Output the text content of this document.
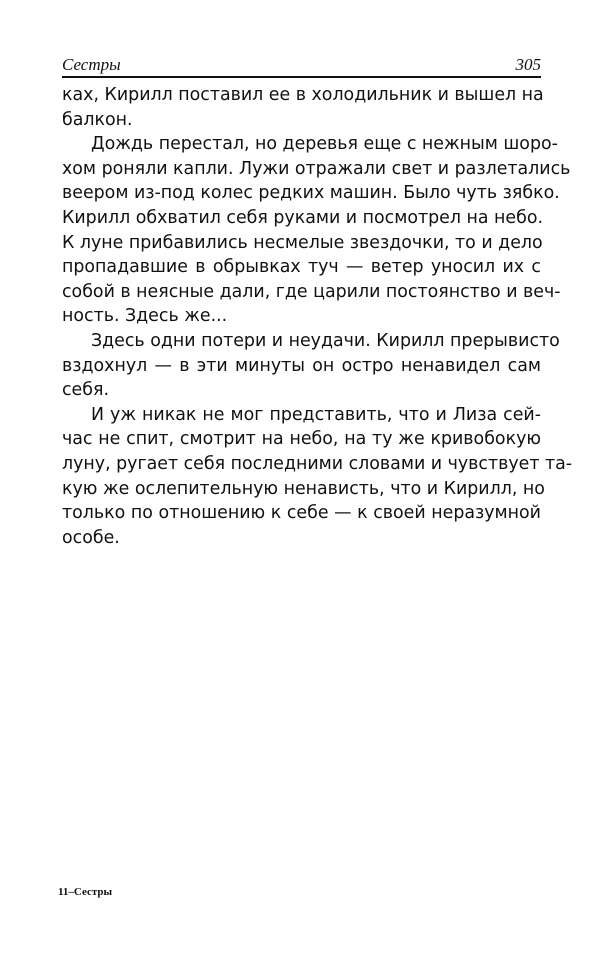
Сестры	305

ках, Кирилл поставил ее в холодильник и вышел на
балкон.

Дождь перестал, но деревья еще с нежным шоро-
хом роняли капли. Лужи отражали свет и разлетались
веером из-под колес редких машин. Было чуть зябко.
Кирилл обхватил себя руками и посмотрел на небо.
К луне прибавились несмелые звездочки, то и дело
пропадавшие в обрывках туч — ветер уносил их с
собой в неясные дали, где царили постоянство и веч-
ность. Здесь же...

Здесь одни потери и неудачи. Кирилл прерывисто
вздохнул — в эти минуты он остро ненавидел сам
себя.

И уж никак не мог представить, что и Лиза сей-
час не спит, смотрит на небо, на ту же кривобокую
луну, ругает себя последними словами и чувствует та-
кую же ослепительную ненависть, что и Кирилл, но
только по отношению к себе — к своей неразумной
особе.

11–Сестры
